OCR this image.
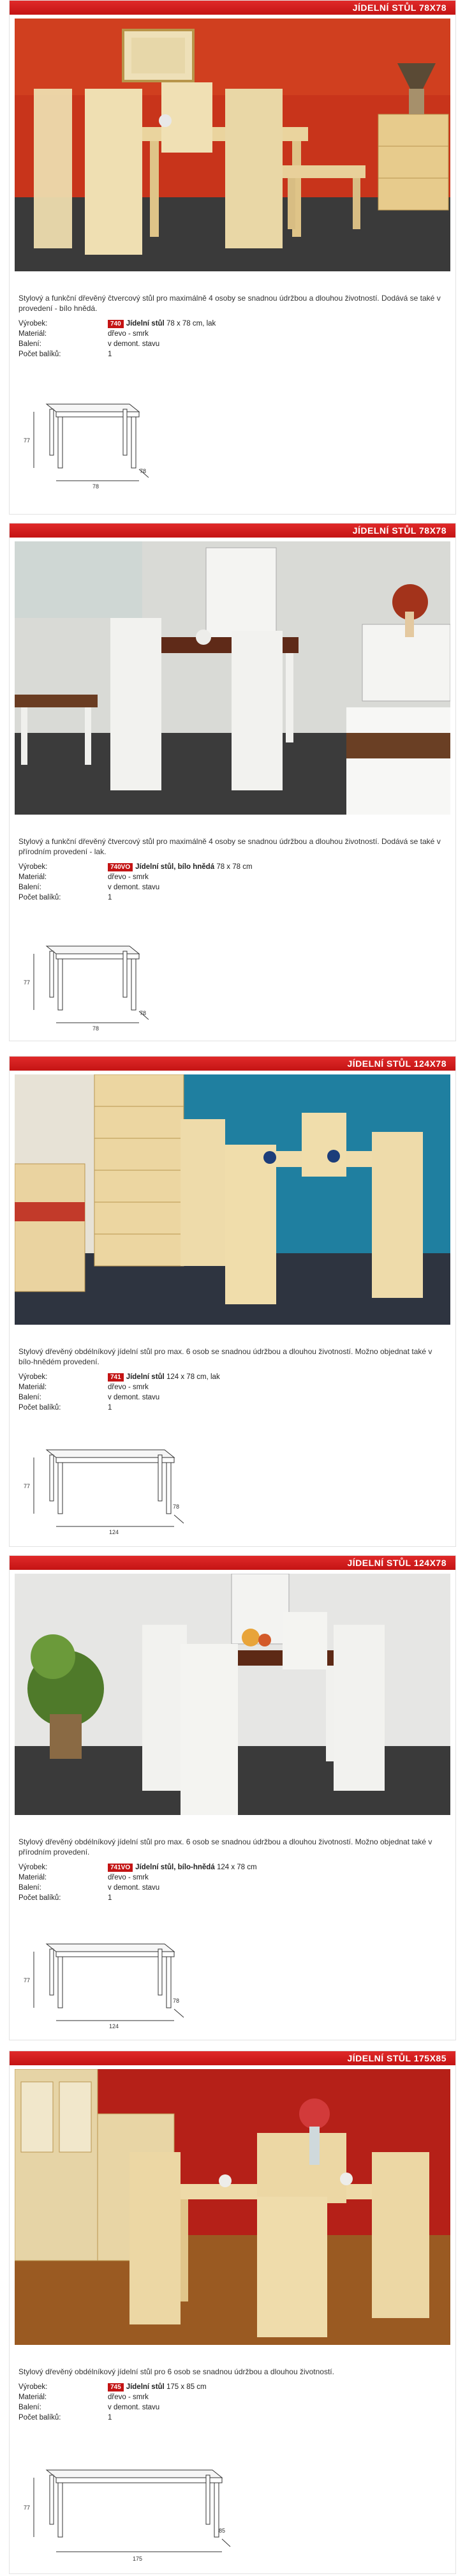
JÍDELNÍ STŮL 78X78
Stylový a funkční dřevěný čtvercový stůl pro maximálně 4 osoby se snadnou údržbou a dlouhou životností. Dodává se také v provedení - bílo hnědá.
Výrobek:	740 Jídelní stůl 78 x 78 cm, lak
Materiál:	dřevo - smrk
Balení:	v demont. stavu
Počet balíků:	1
77
78
78
JÍDELNÍ STŮL 78X78
Stylový a funkční dřevěný čtvercový stůl pro maximálně 4 osoby se snadnou údržbou a dlouhou životností. Dodává se také v přírodním provedení - lak.
Výrobek:	740VO Jídelní stůl, bílo hnědá 78 x 78 cm
Materiál:	dřevo - smrk
Balení:	v demont. stavu
Počet balíků:	1
77
78
78
JÍDELNÍ STŮL 124X78
Stylový dřevěný obdélníkový jídelní stůl pro max. 6 osob se snadnou údržbou a dlouhou životností. Možno objednat také v bílo-hnědém provedení.
Výrobek:	741 Jídelní stůl 124 x 78 cm, lak
Materiál:	dřevo - smrk
Balení:	v demont. stavu
Počet balíků:	1
77
124
78
JÍDELNÍ STŮL 124X78
Stylový dřevěný obdélníkový jídelní stůl pro max. 6 osob se snadnou údržbou a dlouhou životností. Možno objednat také v přírodním provedení.
Výrobek:	741VO Jídelní stůl, bílo-hnědá 124 x 78 cm
Materiál:	dřevo - smrk
Balení:	v demont. stavu
Počet balíků:	1
77
124
78
JÍDELNÍ STŮL 175X85
Stylový dřevěný obdélníkový jídelní stůl pro 6 osob se snadnou údržbou a dlouhou životností.
Výrobek:	745 Jídelní stůl 175 x 85 cm
Materiál:	dřevo - smrk
Balení:	v demont. stavu
Počet balíků:	1
77
175
85
